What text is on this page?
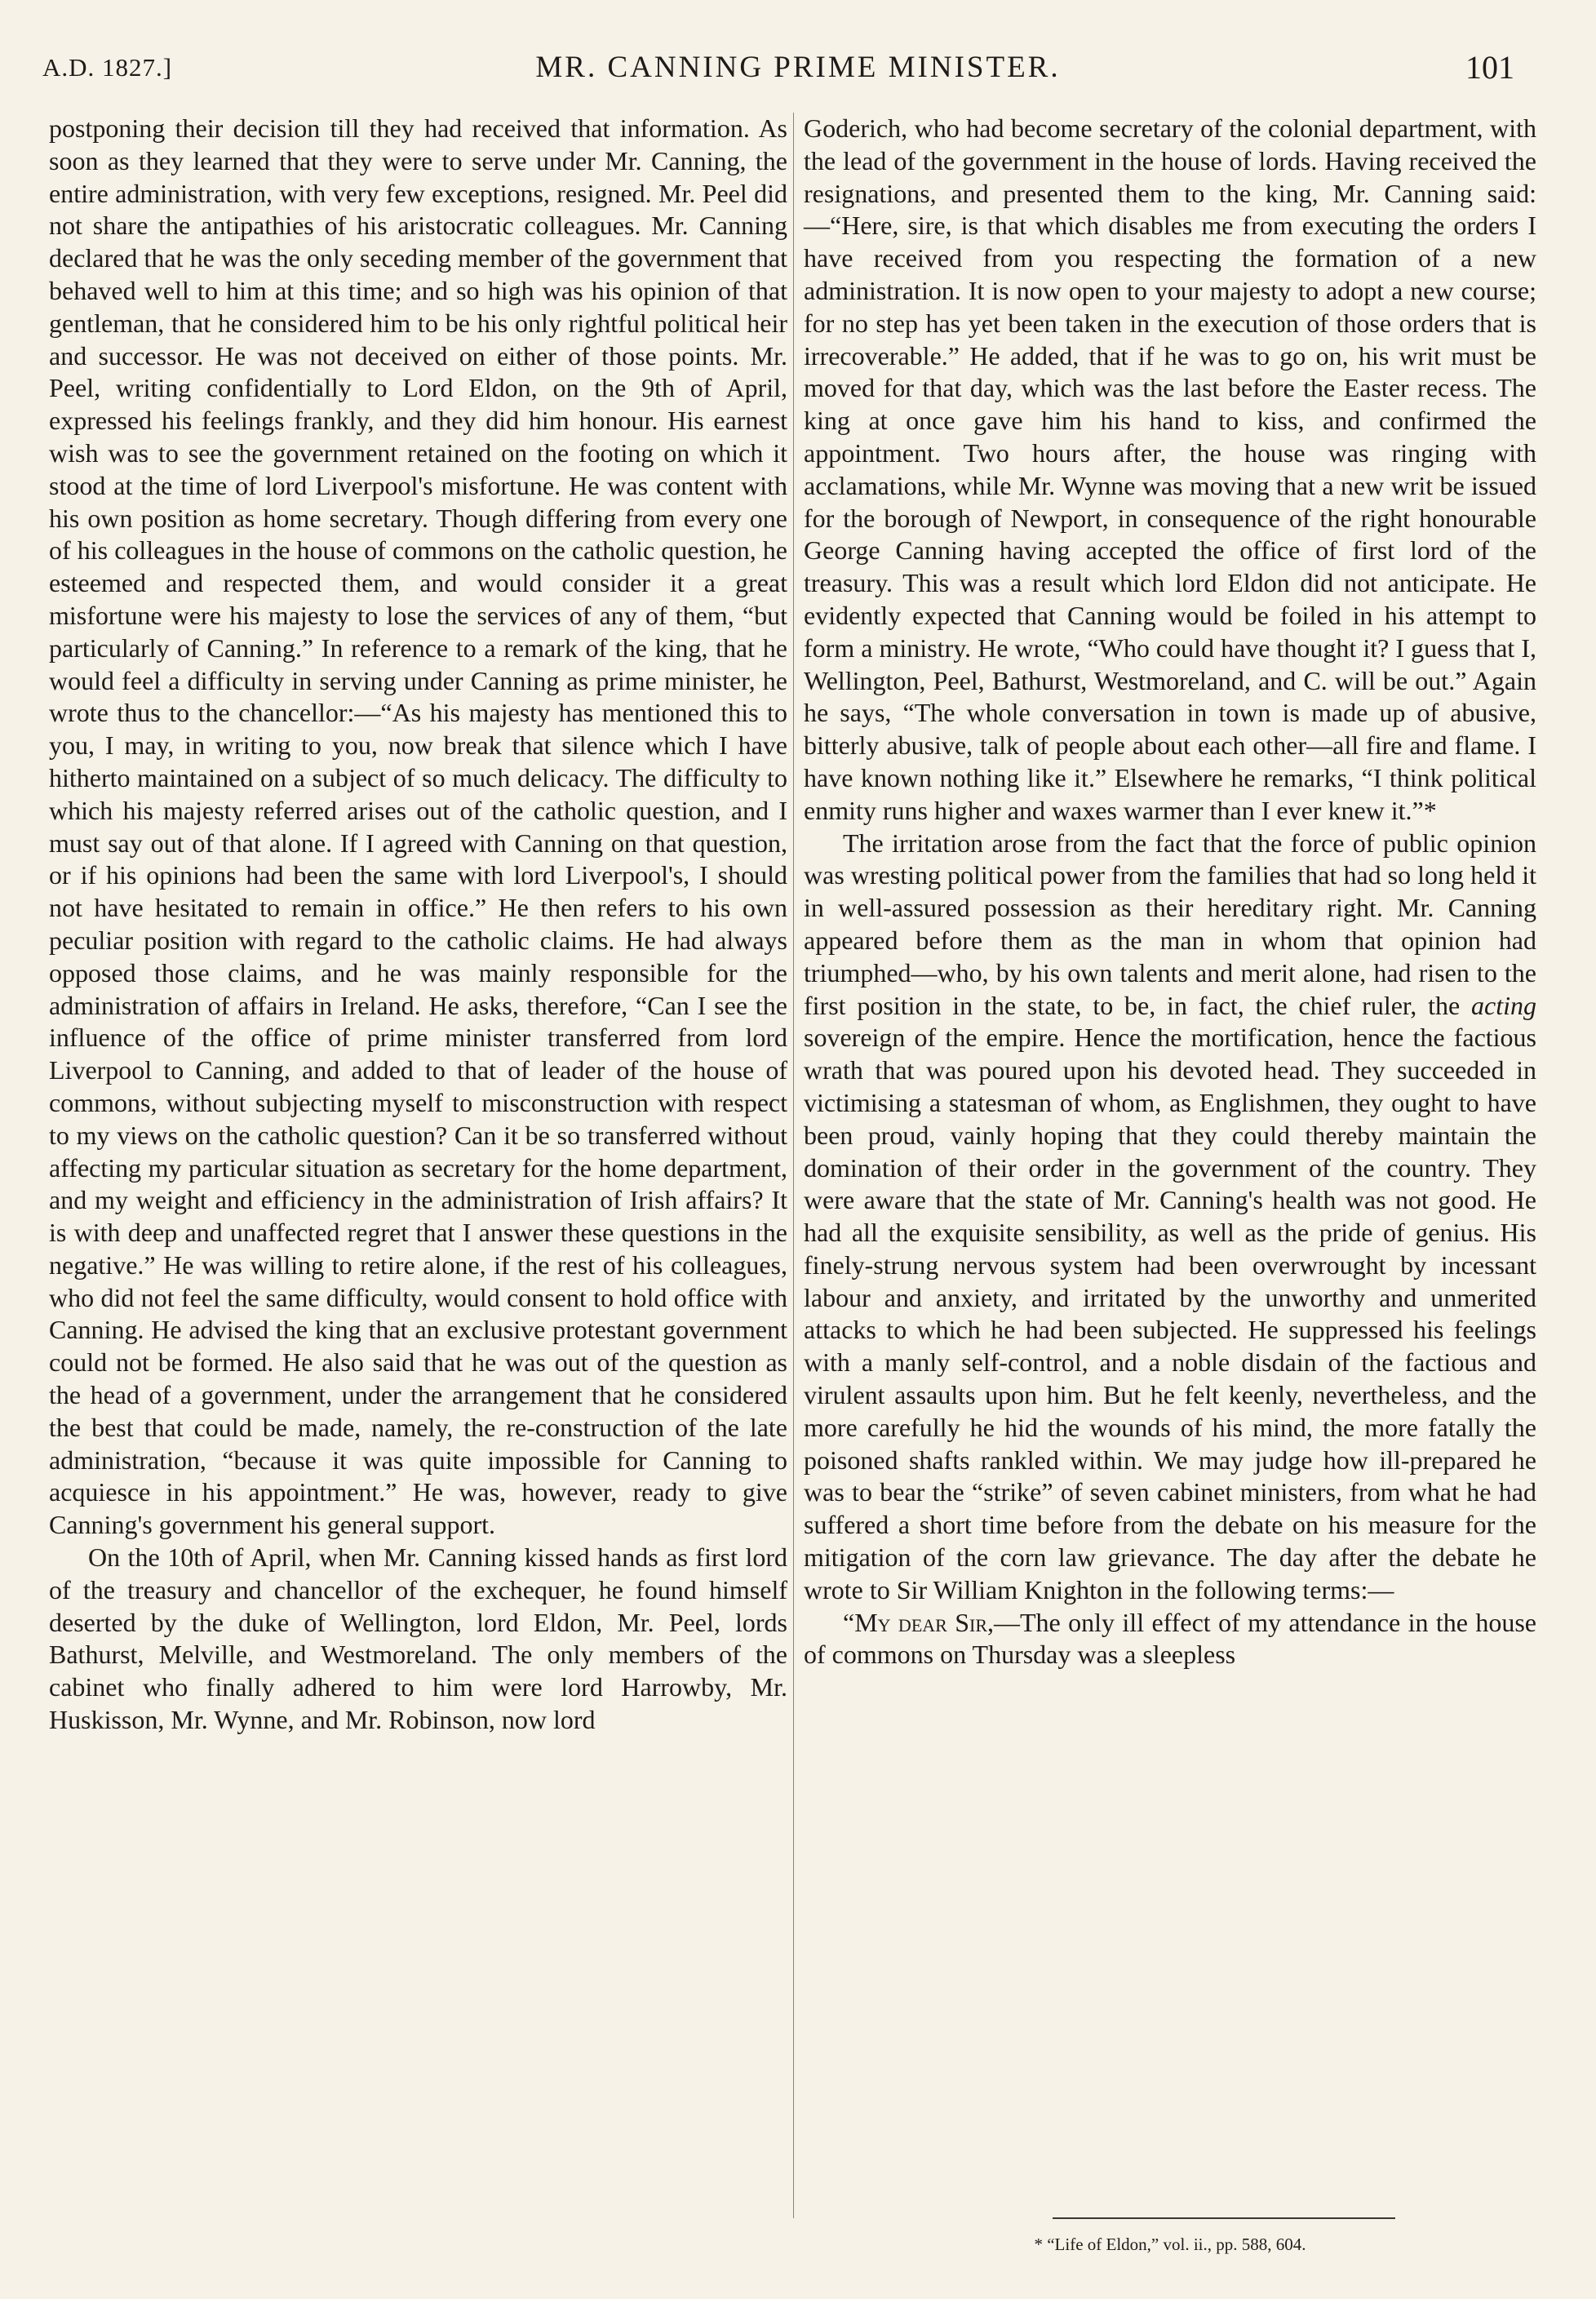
A.D. 1827.]	MR. CANNING PRIME MINISTER.	101

postponing their decision till they had received that information. As soon as they learned that they were to serve under Mr. Canning, the entire administration, with very few exceptions, resigned. Mr. Peel did not share the antipathies of his aristocratic colleagues. Mr. Canning declared that he was the only seceding member of the government that behaved well to him at this time; and so high was his opinion of that gentleman, that he considered him to be his only rightful political heir and successor. He was not deceived on either of those points. Mr. Peel, writing confidentially to Lord Eldon, on the 9th of April, expressed his feelings frankly, and they did him honour. His earnest wish was to see the government retained on the footing on which it stood at the time of lord Liverpool's misfortune. He was content with his own position as home secretary. Though differing from every one of his colleagues in the house of commons on the catholic question, he esteemed and respected them, and would consider it a great misfortune were his majesty to lose the services of any of them, “but particularly of Canning.” In reference to a remark of the king, that he would feel a difficulty in serving under Canning as prime minister, he wrote thus to the chancellor:—“As his majesty has mentioned this to you, I may, in writing to you, now break that silence which I have hitherto maintained on a subject of so much delicacy. The difficulty to which his majesty referred arises out of the catholic question, and I must say out of that alone. If I agreed with Canning on that question, or if his opinions had been the same with lord Liverpool's, I should not have hesitated to remain in office.” He then refers to his own peculiar position with regard to the catholic claims. He had always opposed those claims, and he was mainly responsible for the administration of affairs in Ireland. He asks, therefore, “Can I see the influence of the office of prime minister transferred from lord Liverpool to Canning, and added to that of leader of the house of commons, without subjecting myself to misconstruction with respect to my views on the catholic question? Can it be so transferred without affecting my particular situation as secretary for the home department, and my weight and efficiency in the administration of Irish affairs? It is with deep and unaffected regret that I answer these questions in the negative.” He was willing to retire alone, if the rest of his colleagues, who did not feel the same difficulty, would consent to hold office with Canning. He advised the king that an exclusive protestant government could not be formed. He also said that he was out of the question as the head of a government, under the arrangement that he considered the best that could be made, namely, the re-construction of the late administration, “because it was quite impossible for Canning to acquiesce in his appointment.” He was, however, ready to give Canning's government his general support.

On the 10th of April, when Mr. Canning kissed hands as first lord of the treasury and chancellor of the exchequer, he found himself deserted by the duke of Wellington, lord Eldon, Mr. Peel, lords Bathurst, Melville, and Westmoreland. The only members of the cabinet who finally adhered to him were lord Harrowby, Mr. Huskisson, Mr. Wynne, and Mr. Robinson, now lord

Goderich, who had become secretary of the colonial department, with the lead of the government in the house of lords. Having received the resignations, and presented them to the king, Mr. Canning said:—“Here, sire, is that which disables me from executing the orders I have received from you respecting the formation of a new administration. It is now open to your majesty to adopt a new course; for no step has yet been taken in the execution of those orders that is irrecoverable.” He added, that if he was to go on, his writ must be moved for that day, which was the last before the Easter recess. The king at once gave him his hand to kiss, and confirmed the appointment. Two hours after, the house was ringing with acclamations, while Mr. Wynne was moving that a new writ be issued for the borough of Newport, in consequence of the right honourable George Canning having accepted the office of first lord of the treasury. This was a result which lord Eldon did not anticipate. He evidently expected that Canning would be foiled in his attempt to form a ministry. He wrote, “Who could have thought it? I guess that I, Wellington, Peel, Bathurst, Westmoreland, and C. will be out.” Again he says, “The whole conversation in town is made up of abusive, bitterly abusive, talk of people about each other—all fire and flame. I have known nothing like it.” Elsewhere he remarks, “I think political enmity runs higher and waxes warmer than I ever knew it.”*

The irritation arose from the fact that the force of public opinion was wresting political power from the families that had so long held it in well-assured possession as their hereditary right. Mr. Canning appeared before them as the man in whom that opinion had triumphed—who, by his own talents and merit alone, had risen to the first position in the state, to be, in fact, the chief ruler, the acting sovereign of the empire. Hence the mortification, hence the factious wrath that was poured upon his devoted head. They succeeded in victimising a statesman of whom, as Englishmen, they ought to have been proud, vainly hoping that they could thereby maintain the domination of their order in the government of the country. They were aware that the state of Mr. Canning's health was not good. He had all the exquisite sensibility, as well as the pride of genius. His finely-strung nervous system had been overwrought by incessant labour and anxiety, and irritated by the unworthy and unmerited attacks to which he had been subjected. He suppressed his feelings with a manly self-control, and a noble disdain of the factious and virulent assaults upon him. But he felt keenly, nevertheless, and the more carefully he hid the wounds of his mind, the more fatally the poisoned shafts rankled within. We may judge how ill-prepared he was to bear the “strike” of seven cabinet ministers, from what he had suffered a short time before from the debate on his measure for the mitigation of the corn law grievance. The day after the debate he wrote to Sir William Knighton in the following terms:—

“My dear Sir,—The only ill effect of my attendance in the house of commons on Thursday was a sleepless

* “Life of Eldon,” vol. ii., pp. 588, 604.
